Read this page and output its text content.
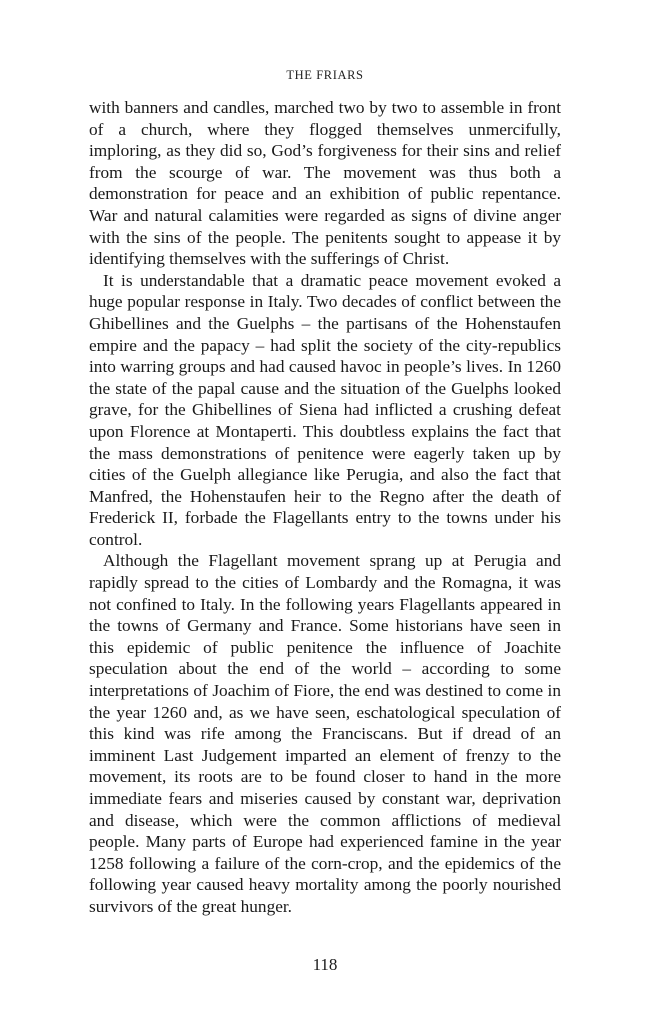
THE FRIARS

with banners and candles, marched two by two to assemble in front of a church, where they flogged themselves unmercifully, imploring, as they did so, God’s forgiveness for their sins and relief from the scourge of war. The movement was thus both a demonstration for peace and an exhibition of public repentance. War and natural calamities were regarded as signs of divine anger with the sins of the people. The penitents sought to appease it by identifying themselves with the sufferings of Christ.

It is understandable that a dramatic peace movement evoked a huge popular response in Italy. Two decades of conflict between the Ghibellines and the Guelphs – the partisans of the Hohenstaufen empire and the papacy – had split the society of the city-republics into warring groups and had caused havoc in people’s lives. In 1260 the state of the papal cause and the situation of the Guelphs looked grave, for the Ghibellines of Siena had inflicted a crushing defeat upon Florence at Montaperti. This doubtless explains the fact that the mass demonstrations of penitence were eagerly taken up by cities of the Guelph allegiance like Perugia, and also the fact that Manfred, the Hohenstaufen heir to the Regno after the death of Frederick II, forbade the Flagellants entry to the towns under his control.

Although the Flagellant movement sprang up at Perugia and rapidly spread to the cities of Lombardy and the Romagna, it was not confined to Italy. In the following years Flagellants appeared in the towns of Germany and France. Some historians have seen in this epidemic of public penitence the influence of Joachite speculation about the end of the world – according to some interpretations of Joachim of Fiore, the end was destined to come in the year 1260 and, as we have seen, eschatological speculation of this kind was rife among the Franciscans. But if dread of an imminent Last Judgement imparted an element of frenzy to the movement, its roots are to be found closer to hand in the more immediate fears and miseries caused by constant war, deprivation and disease, which were the common afflictions of medieval people. Many parts of Europe had experienced famine in the year 1258 following a failure of the corn-crop, and the epidemics of the following year caused heavy mortality among the poorly nourished survivors of the great hunger.

118
